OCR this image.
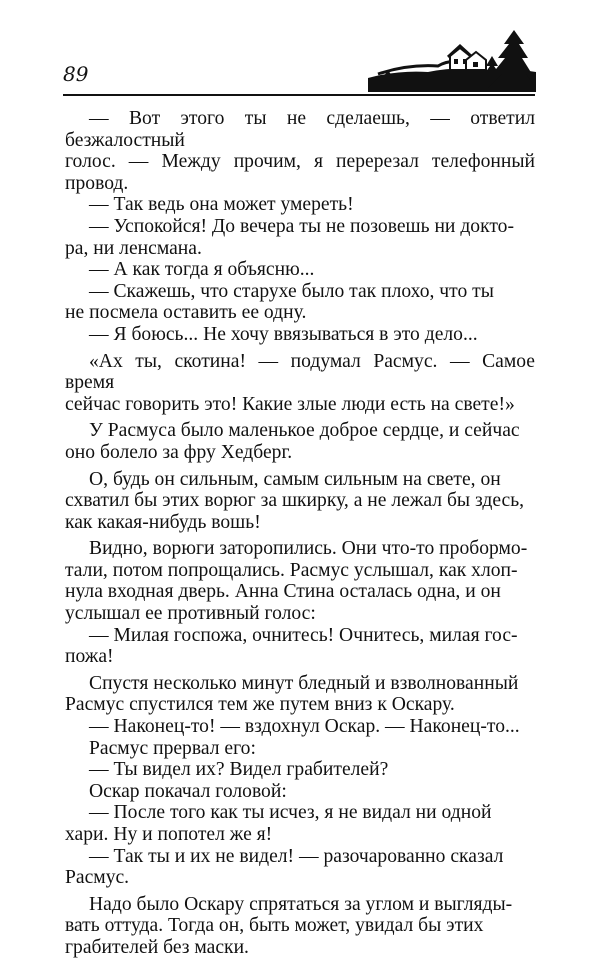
89

— Вот этого ты не сделаешь, — ответил безжалостный
голос. — Между прочим, я перерезал телефонный провод.

— Так ведь она может умереть!

— Успокойся! До вечера ты не позовешь ни докто-
ра, ни ленсмана.

— А как тогда я объясню...

— Скажешь, что старухе было так плохо, что ты
не посмела оставить ее одну.

— Я боюсь... Не хочу ввязываться в это дело...

«Ах ты, скотина! — подумал Расмус. — Самое время
сейчас говорить это! Какие злые люди есть на свете!»

У Расмуса было маленькое доброе сердце, и сейчас
оно болело за фру Хедберг.

О, будь он сильным, самым сильным на свете, он
схватил бы этих ворюг за шкирку, а не лежал бы здесь,
как какая-нибудь вошь!

Видно, ворюги заторопились. Они что-то пробормо-
тали, потом попрощались. Расмус услышал, как хлоп-
нула входная дверь. Анна Стина осталась одна, и он
услышал ее противный голос:

— Милая госпожа, очнитесь! Очнитесь, милая гос-
пожа!

Спустя несколько минут бледный и взволнованный
Расмус спустился тем же путем вниз к Оскару.

— Наконец-то! — вздохнул Оскар. — Наконец-то...

Расмус прервал его:

— Ты видел их? Видел грабителей?

Оскар покачал головой:

— После того как ты исчез, я не видал ни одной
хари. Ну и попотел же я!

— Так ты и их не видел! — разочарованно сказал
Расмус.

Надо было Оскару спрятаться за углом и выгляды-
вать оттуда. Тогда он, быть может, увидал бы этих
грабителей без маски.
